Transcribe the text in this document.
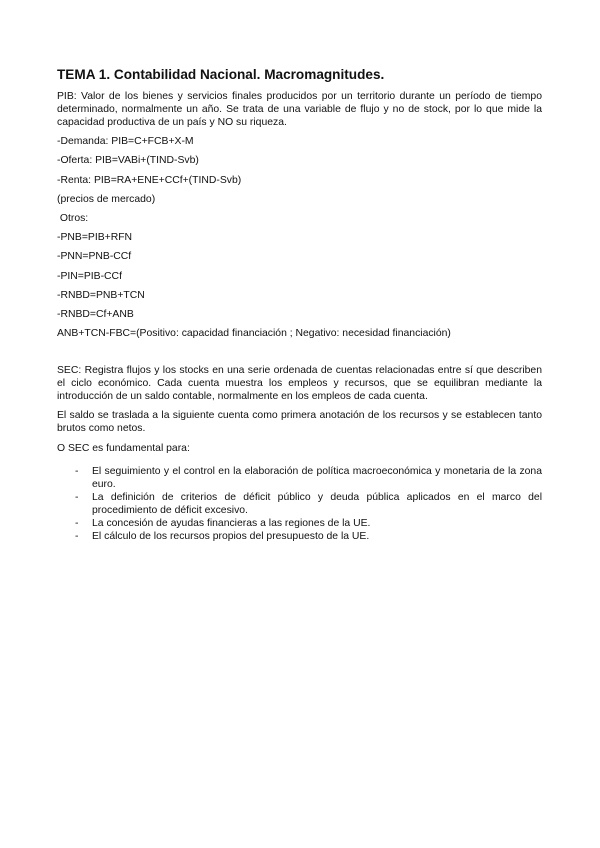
TEMA 1. Contabilidad Nacional. Macromagnitudes.

PIB: Valor de los bienes y servicios finales producidos por un territorio durante un período de tiempo determinado, normalmente un año. Se trata de una variable de flujo y no de stock, por lo que mide la capacidad productiva de un país y NO su riqueza.

-Demanda: PIB=C+FCB+X-M

-Oferta: PIB=VABi+(TIND-Svb)

-Renta: PIB=RA+ENE+CCf+(TIND-Svb)

(precios de mercado)

Otros:

-PNB=PIB+RFN

-PNN=PNB-CCf

-PIN=PIB-CCf

-RNBD=PNB+TCN

-RNBD=Cf+ANB

ANB+TCN-FBC=(Positivo: capacidad financiación ; Negativo: necesidad financiación)

SEC: Registra flujos y los stocks en una serie ordenada de cuentas relacionadas entre sí que describen el ciclo económico. Cada cuenta muestra los empleos y recursos, que se equilibran mediante la introducción de un saldo contable, normalmente en los empleos de cada cuenta.

El saldo se traslada a la siguiente cuenta como primera anotación de los recursos y se establecen tanto brutos como netos.

O SEC es fundamental para:

- El seguimiento y el control en la elaboración de política macroeconómica y monetaria de la zona euro.
- La definición de criterios de déficit público y deuda pública aplicados en el marco del procedimiento de déficit excesivo.
- La concesión de ayudas financieras a las regiones de la UE.
- El cálculo de los recursos propios del presupuesto de la UE.
